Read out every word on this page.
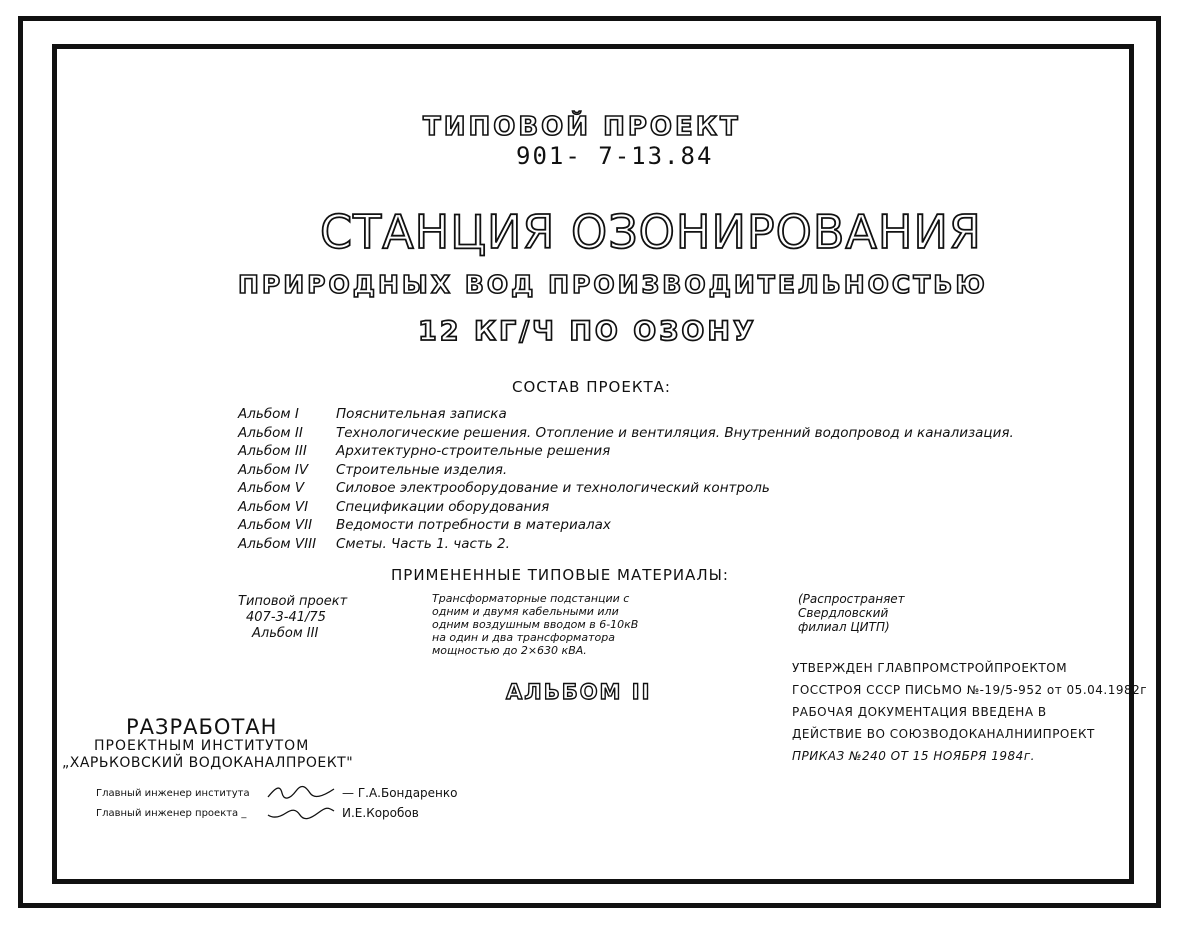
ТИПОВОЙ ПРОЕКТ
901- 7-13.84
СТАНЦИЯ ОЗОНИРОВАНИЯ
ПРИРОДНЫХ ВОД ПРОИЗВОДИТЕЛЬНОСТЬЮ
12 КГ/Ч ПО ОЗОНУ
СОСТАВ ПРОЕКТА:
Альбом I	Пояснительная записка
Альбом II	Технологические решения. Отопление и вентиляция. Внутренний водопровод и канализация.
Альбом III	Архитектурно-строительные решения
Альбом IV	Строительные изделия.
Альбом V	Силовое электрооборудование и технологический контроль
Альбом VI	Спецификации оборудования
Альбом VII	Ведомости потребности в материалах
Альбом VIII	Сметы. Часть 1. часть 2.
ПРИМЕНЕННЫЕ ТИПОВЫЕ МАТЕРИАЛЫ:
Типовой проект
407-3-41/75
Альбом III
Трансформаторные подстанции с
одним и двумя кабельными или
одним воздушным вводом в 6-10кВ
на один и два трансформатора
мощностью до 2×630 кВА.
(Распространяет
Свердловский
филиал ЦИТП)
АЛЬБОМ II
УТВЕРЖДЕН ГЛАВПРОМСТРОЙПРОЕКТОМ
ГОССТРОЯ СССР ПИСЬМО №-19/5-952 от 05.04.1982г
РАБОЧАЯ ДОКУМЕНТАЦИЯ ВВЕДЕНА В
ДЕЙСТВИЕ ВО СОЮЗВОДОКАНАЛНИИПРОЕКТ
ПРИКАЗ №240 ОТ 15 НОЯБРЯ 1984г.
РАЗРАБОТАН
ПРОЕКТНЫМ ИНСТИТУТОМ
„ХАРЬКОВСКИЙ ВОДОКАНАЛПРОЕКТ"
Главный инженер института	— Г.А.Бондаренко
Главный инженер проекта _	И.Е.Коробов
